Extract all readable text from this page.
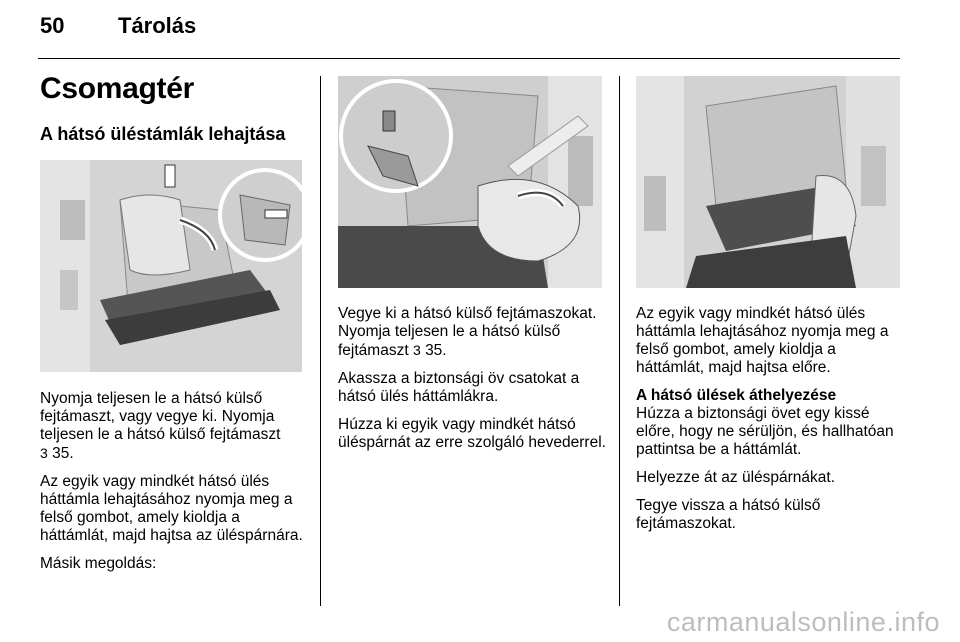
50 Tárolás
Csomagtér
A hátsó üléstámlák lehajtása

Nyomja teljesen le a hátsó külső fejtámaszt, vagy vegye ki. Nyomja teljesen le a hátsó külső fejtámaszt
3 35.

Az egyik vagy mindkét hátsó ülés háttámla lehajtásához nyomja meg a felső gombot, amely kioldja a háttámlát, majd hajtsa az üléspárnára.

Másik megoldás:

Vegye ki a hátsó külső fejtámaszokat. Nyomja teljesen le a hátsó külső fejtámaszt 3 35.

Akassza a biztonsági öv csatokat a hátsó ülés háttámlákra.

Húzza ki egyik vagy mindkét hátsó üléspárnát az erre szolgáló hevederrel.

Az egyik vagy mindkét hátsó ülés háttámla lehajtásához nyomja meg a felső gombot, amely kioldja a háttámlát, majd hajtsa előre.

A hátsó ülések áthelyezése

Húzza a biztonsági övet egy kissé előre, hogy ne sérüljön, és hallhatóan pattintsa be a háttámlát.

Helyezze át az üléspárnákat.

Tegye vissza a hátsó külső fejtámaszokat.

carmanualsonline.info
